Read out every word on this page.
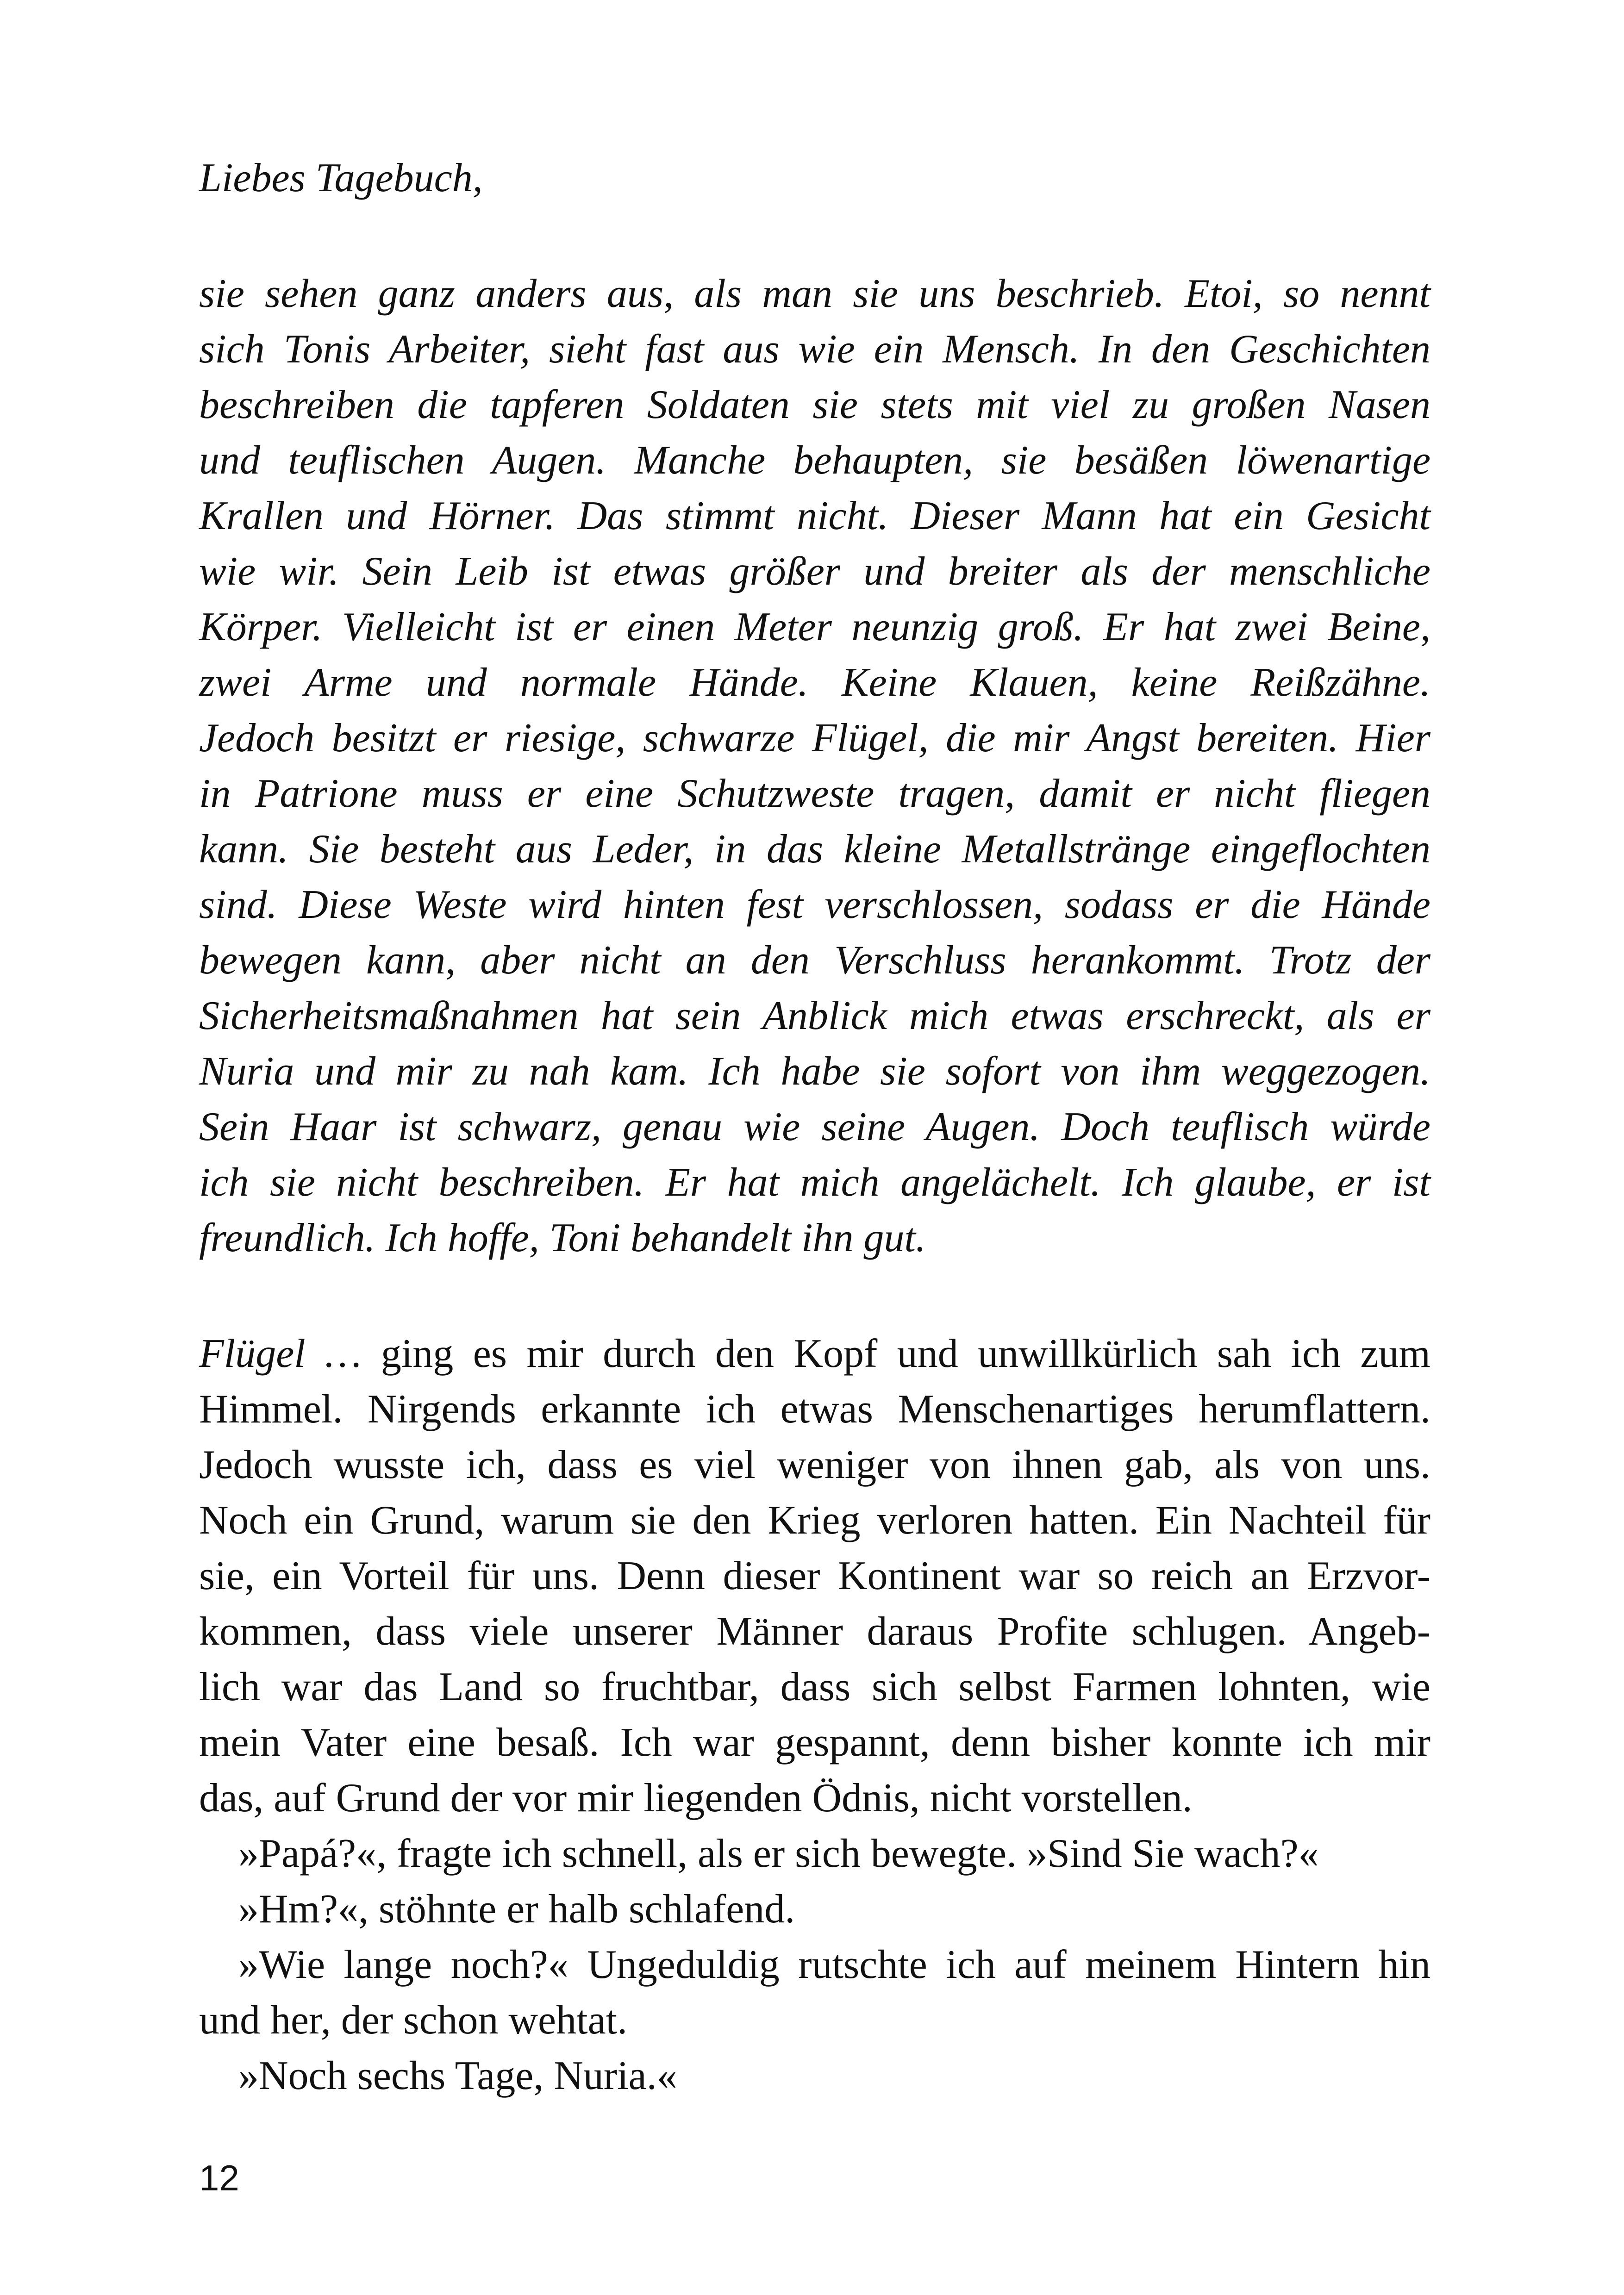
Liebes Tagebuch,

sie sehen ganz anders aus, als man sie uns beschrieb. Etoi, so nennt
sich Tonis Arbeiter, sieht fast aus wie ein Mensch. In den Geschichten
beschreiben die tapferen Soldaten sie stets mit viel zu großen Nasen
und teuflischen Augen. Manche behaupten, sie besäßen löwenartige
Krallen und Hörner. Das stimmt nicht. Dieser Mann hat ein Gesicht
wie wir. Sein Leib ist etwas größer und breiter als der menschliche
Körper. Vielleicht ist er einen Meter neunzig groß. Er hat zwei Beine,
zwei Arme und normale Hände. Keine Klauen, keine Reißzähne.
Jedoch besitzt er riesige, schwarze Flügel, die mir Angst bereiten. Hier
in Patrione muss er eine Schutzweste tragen, damit er nicht fliegen
kann. Sie besteht aus Leder, in das kleine Metallstränge eingeflochten
sind. Diese Weste wird hinten fest verschlossen, sodass er die Hände
bewegen kann, aber nicht an den Verschluss herankommt. Trotz der
Sicherheitsmaßnahmen hat sein Anblick mich etwas erschreckt, als er
Nuria und mir zu nah kam. Ich habe sie sofort von ihm weggezogen.
Sein Haar ist schwarz, genau wie seine Augen. Doch teuflisch würde
ich sie nicht beschreiben. Er hat mich angelächelt. Ich glaube, er ist
freundlich. Ich hoffe, Toni behandelt ihn gut.
Flügel … ging es mir durch den Kopf und unwillkürlich sah ich zum
Himmel. Nirgends erkannte ich etwas Menschenartiges herumflattern.
Jedoch wusste ich, dass es viel weniger von ihnen gab, als von uns.
Noch ein Grund, warum sie den Krieg verloren hatten. Ein Nachteil für
sie, ein Vorteil für uns. Denn dieser Kontinent war so reich an Erzvor-
kommen, dass viele unserer Männer daraus Profite schlugen. Angeb-
lich war das Land so fruchtbar, dass sich selbst Farmen lohnten, wie
mein Vater eine besaß. Ich war gespannt, denn bisher konnte ich mir
das, auf Grund der vor mir liegenden Ödnis, nicht vorstellen.
»Papá?«, fragte ich schnell, als er sich bewegte. »Sind Sie wach?«
»Hm?«, stöhnte er halb schlafend.
»Wie lange noch?« Ungeduldig rutschte ich auf meinem Hintern hin
und her, der schon wehtat.
»Noch sechs Tage, Nuria.«
12
